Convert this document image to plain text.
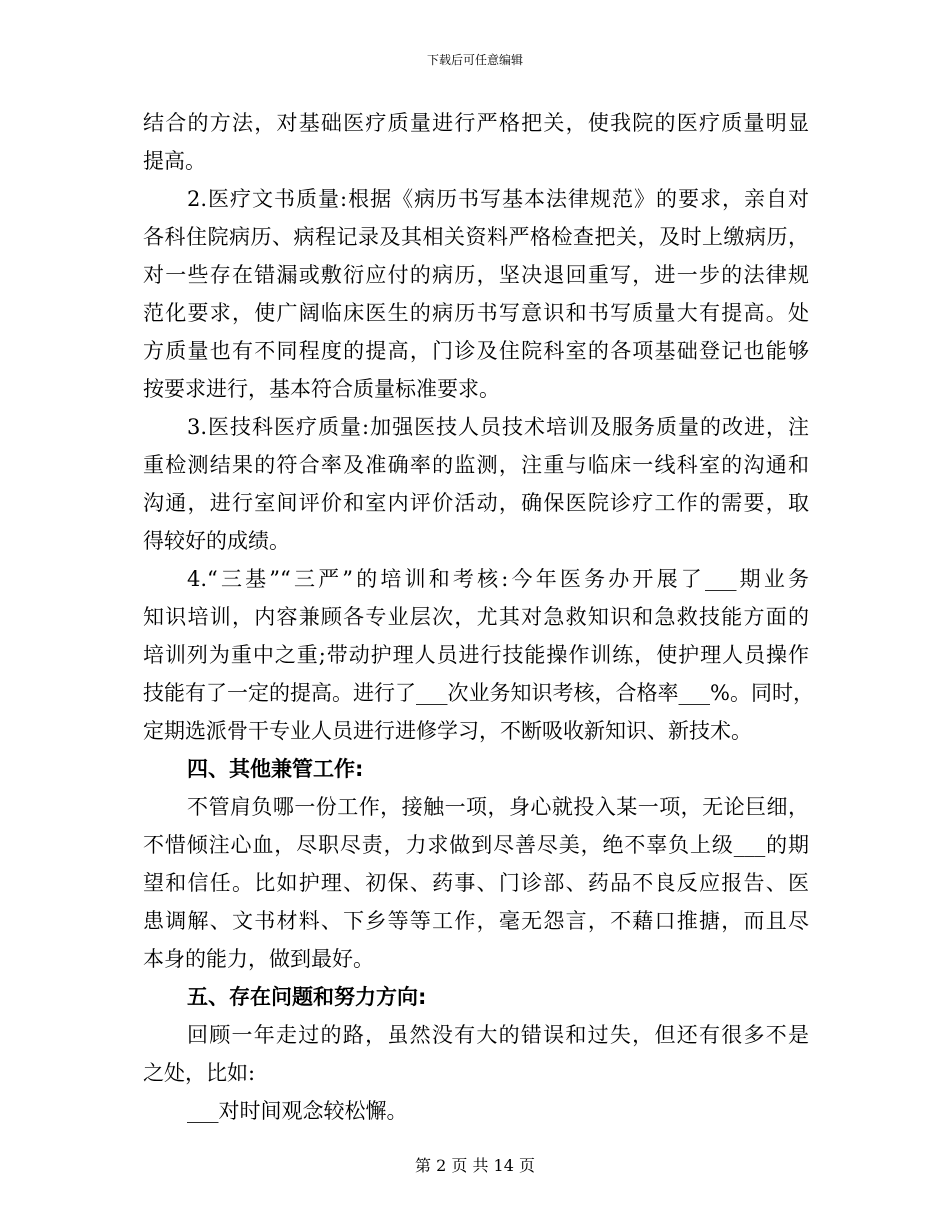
下载后可任意编辑
结合的方法，对基础医疗质量进行严格把关，使我院的医疗质量明显
提高。
2.医疗文书质量:根据《病历书写基本法律规范》的要求，亲自对
各科住院病历、病程记录及其相关资料严格检查把关，及时上缴病历，
对一些存在错漏或敷衍应付的病历，坚决退回重写，进一步的法律规
范化要求，使广阔临床医生的病历书写意识和书写质量大有提高。处
方质量也有不同程度的提高，门诊及住院科室的各项基础登记也能够
按要求进行，基本符合质量标准要求。
3.医技科医疗质量:加强医技人员技术培训及服务质量的改进，注
重检测结果的符合率及准确率的监测，注重与临床一线科室的沟通和
沟通，进行室间评价和室内评价活动，确保医院诊疗工作的需要，取
得较好的成绩。
4.“三基”“三严”的培训和考核:今年医务办开展了___期业务
知识培训，内容兼顾各专业层次，尤其对急救知识和急救技能方面的
培训列为重中之重;带动护理人员进行技能操作训练，使护理人员操作
技能有了一定的提高。进行了___次业务知识考核，合格率___%。同时，
定期选派骨干专业人员进行进修学习，不断吸收新知识、新技术。
四、其他兼管工作:
不管肩负哪一份工作，接触一项，身心就投入某一项，无论巨细，
不惜倾注心血，尽职尽责，力求做到尽善尽美，绝不辜负上级___的期
望和信任。比如护理、初保、药事、门诊部、药品不良反应报告、医
患调解、文书材料、下乡等等工作，毫无怨言，不藉口推搪，而且尽
本身的能力，做到最好。
五、存在问题和努力方向:
回顾一年走过的路，虽然没有大的错误和过失，但还有很多不是
之处，比如:
___对时间观念较松懈。
第 2 页 共 14 页
